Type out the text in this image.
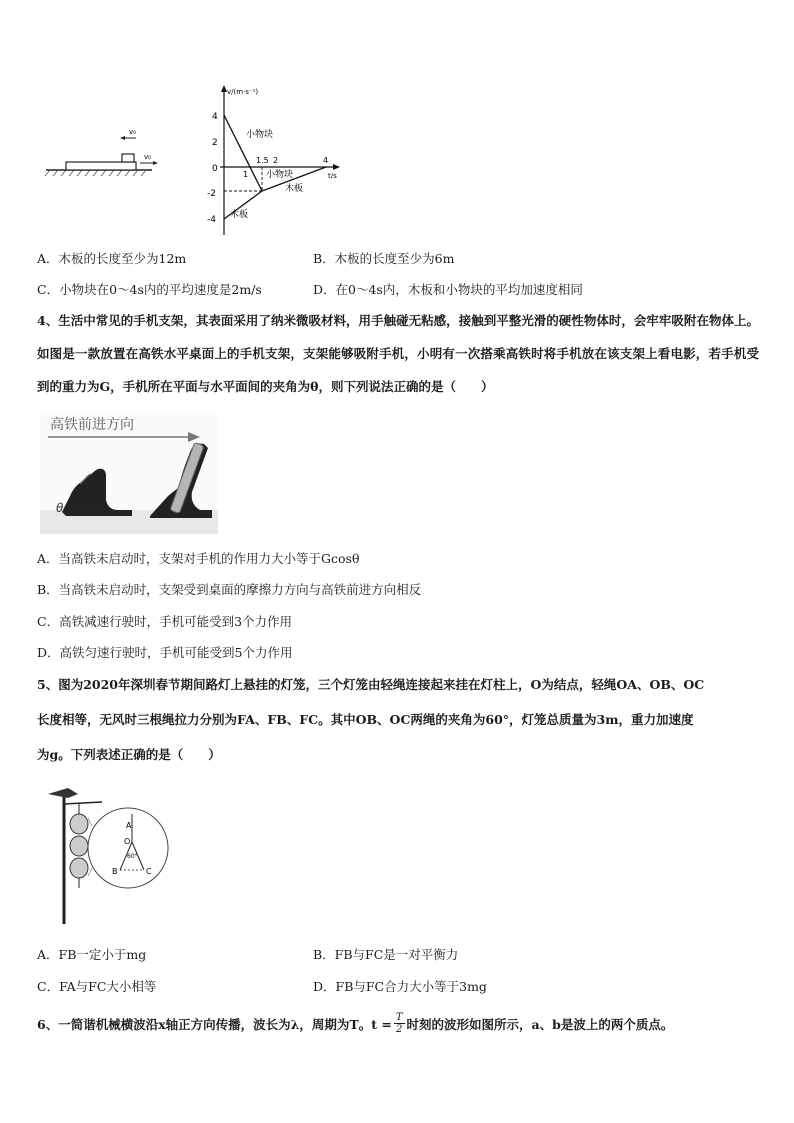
v₀
v₀
v/(m·s⁻¹)
t/s
4
2
0
-2
-4
1
1.5 2	4
小物块
小物块
木板
木板
A．木板的长度至少为12m	B．木板的长度至少为6m
C．小物块在0～4s内的平均速度是2m/s	D．在0～4s内，木板和小物块的平均加速度相同
4、生活中常见的手机支架，其表面采用了纳米微吸材料，用手触碰无粘感，接触到平整光滑的硬性物体时，会牢牢吸附在物体上。如图是一款放置在高铁水平桌面上的手机支架，支架能够吸附手机，小明有一次搭乘高铁时将手机放在该支架上看电影，若手机受到的重力为G，手机所在平面与水平面间的夹角为θ，则下列说法正确的是（　　）
高铁前进方向
θ
A．当高铁未启动时，支架对手机的作用力大小等于Gcosθ
B．当高铁未启动时，支架受到桌面的摩擦力方向与高铁前进方向相反
C．高铁减速行驶时，手机可能受到3个力作用
D．高铁匀速行驶时，手机可能受到5个力作用
5、图为2020年深圳春节期间路灯上悬挂的灯笼，三个灯笼由轻绳连接起来挂在灯柱上，O为结点，轻绳OA、OB、OC
长度相等，无风时三根绳拉力分别为FA、FB、FC。其中OB、OC两绳的夹角为60°，灯笼总质量为3m，重力加速度
为g。下列表述正确的是（　　）
A
O
B	C
60°
A．FB一定小于mg	B．FB与FC是一对平衡力
C．FA与FC大小相等	D．FB与FC合力大小等于3mg
6、一简谐机械横波沿x轴正方向传播，波长为λ，周期为T。$t = \frac{T}{2}$ 时刻的波形如图所示，a、b是波上的两个质点。
